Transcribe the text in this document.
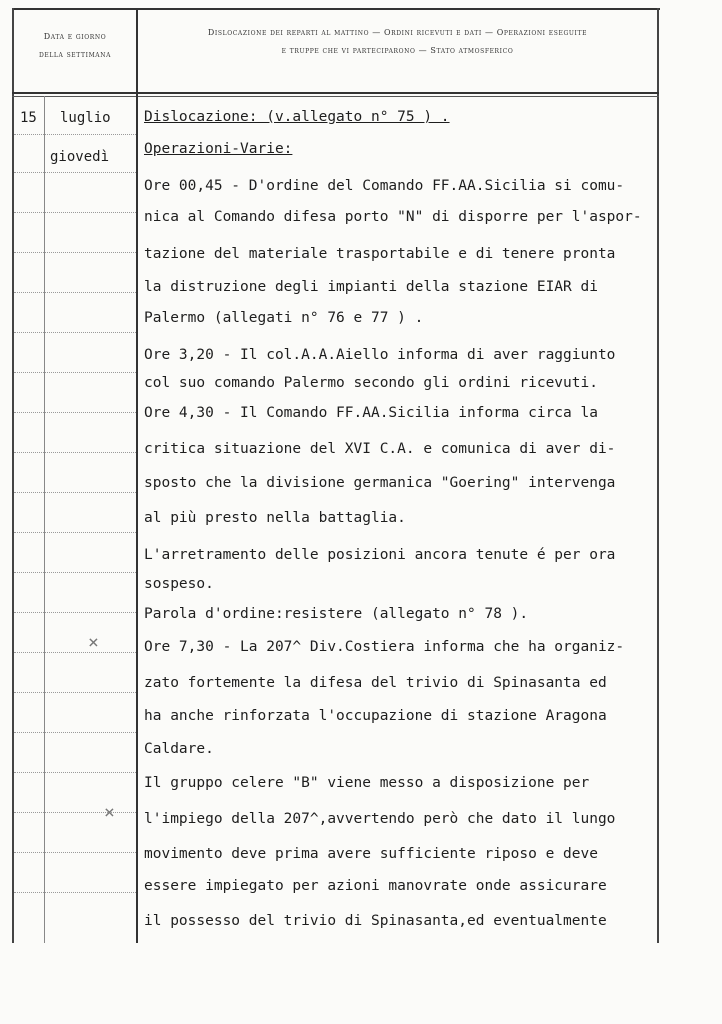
Data e giorno
della settimana
Dislocazione dei reparti al mattino — Ordini ricevuti e dati — Operazioni eseguite
e truppe che vi parteciparono — Stato atmosferico
15 luglio
giovedì
×
×
Dislocazione: (v.allegato n° 75 ) .
Operazioni-Varie:
Ore 00,45 - D'ordine del Comando FF.AA.Sicilia si comu-
nica al Comando difesa porto "N" di disporre per l'aspor-
tazione del materiale trasportabile e di tenere pronta
la distruzione degli impianti della stazione EIAR di
Palermo (allegati n° 76 e 77 ) .
Ore 3,20 - Il col.A.A.Aiello informa di aver raggiunto
col suo comando Palermo secondo gli ordini ricevuti.
Ore 4,30 - Il Comando FF.AA.Sicilia informa circa la
critica situazione del XVI C.A. e comunica di aver di-
sposto che la divisione germanica "Goering" intervenga
al più presto nella battaglia.
L'arretramento delle posizioni ancora tenute é per ora
sospeso.
Parola d'ordine:resistere (allegato n° 78 ).
Ore 7,30 - La 207^ Div.Costiera informa che ha organiz-
zato fortemente la difesa del trivio di Spinasanta ed
ha anche rinforzata l'occupazione di stazione Aragona
Caldare.
Il gruppo celere "B" viene messo a disposizione per
l'impiego della 207^,avvertendo però che dato il lungo
movimento deve prima avere sufficiente riposo e deve
essere impiegato per azioni manovrate onde assicurare
il possesso del trivio di Spinasanta,ed eventualmente
